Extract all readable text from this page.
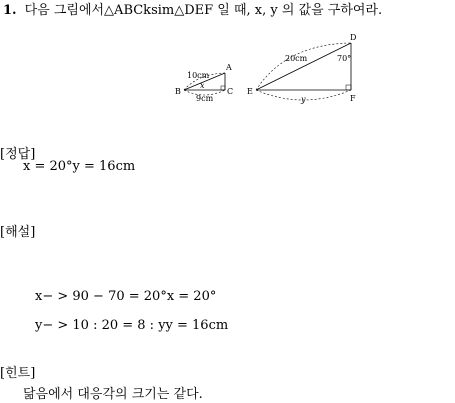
1. 다음 그림에서△ABCksim△DEF 일 때, x, y 의 값을 구하여라.
A
B	C
10cm
9cm
x
D
E
F
20cm
y
70°
[정답]
x = 20°y = 16cm
[해설]
x− > 90 − 70 = 20°x = 20°
y− > 10 : 20 = 8 : yy = 16cm
[힌트]
닮음에서 대응각의 크기는 같다.
